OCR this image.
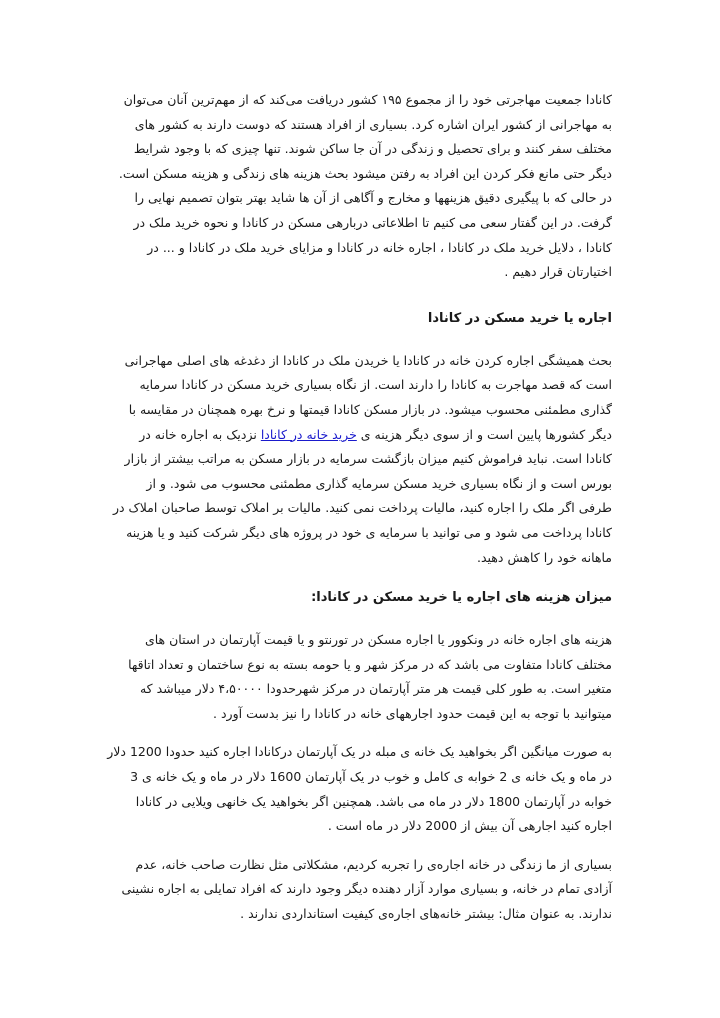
کانادا جمعیت مهاجرتی خود را از مجموع ۱۹۵ کشور دریافت می‌کند که از مهم‌ترین آنان می‌توان
به مهاجرانی از کشور ایران اشاره کرد. بسیاری از افراد هستند که دوست دارند به کشور های
مختلف سفر کنند و برای تحصیل و زندگی در آن جا ساکن شوند. تنها چیزی که با وجود شرایط
دیگر حتی مانع فکر کردن این افراد به رفتن میشود بحث هزینه های زندگی و هزینه مسکن است.
در حالی که با پیگیری دقیق هزینهها و مخارج و آگاهی از آن ها شاید بهتر بتوان تصمیم نهایی را
گرفت. در این گفتار سعی می کنیم تا اطلاعاتی دربارهی مسکن در کانادا و نحوه خرید ملک در
کانادا ، دلایل خرید ملک در کانادا ، اجاره خانه در کانادا و مزایای خرید ملک در کانادا و ... در
اختیارتان قرار دهیم .

اجاره یا خرید مسکن در کانادا

بحث همیشگی اجاره کردن خانه در کانادا یا خریدن ملک در کانادا از دغدغه های اصلی مهاجرانی
است که قصد مهاجرت به کانادا را دارند است. از نگاه بسیاری خرید مسکن در کانادا سرمایه
گذاری مطمئنی محسوب میشود. در بازار مسکن کانادا قیمتها و نرخ بهره همچنان در مقایسه با
دیگر کشورها پایین است و از سوی دیگر هزینه ی خرید خانه در کانادا نزدیک به اجاره خانه در
کانادا است. نباید فراموش کنیم میزان بازگشت سرمایه در بازار مسکن به مراتب بیشتر از بازار
بورس است و از نگاه بسیاری خرید مسکن سرمایه گذاری مطمئنی محسوب می شود. و از
طرفی اگر ملک را اجاره کنید، مالیات پرداخت نمی کنید. مالیات بر املاک توسط صاحبان املاک در
کانادا پرداخت می شود و می توانید با سرمایه ی خود در پروژه های دیگر شرکت کنید و یا هزینه
ماهانه خود را کاهش دهید.

میزان هزینه های اجاره یا خرید مسکن در کانادا:

هزینه های اجاره خانه در ونکوور یا اجاره مسکن در تورنتو و یا قیمت آپارتمان در استان های
مختلف کانادا متفاوت می باشد که در مرکز شهر و یا حومه بسته به نوع ساختمان و تعداد اتاقها
متغیر است. به طور کلی قیمت هر متر آپارتمان در مرکز شهرحدودا ۴،۵۰۰۰۰ دلار میباشد که
میتوانید با توجه به این قیمت حدود اجارههای خانه در کانادا را نیز بدست آورد .

به صورت میانگین اگر بخواهید یک خانه ی مبله در یک آپارتمان درکانادا اجاره کنید حدودا 1200 دلار
در ماه و یک خانه ی 2 خوابه ی کامل و خوب در یک آپارتمان 1600 دلار در ماه و یک خانه ی 3
خوابه در آپارتمان 1800 دلار در ماه می باشد. همچنین اگر بخواهید یک خانهی ویلایی در کانادا
اجاره کنید اجارهی آن بیش از 2000 دلار در ماه است .

بسیاری از ما زندگی در خانه اجاره‌ی را تجربه کردیم، مشکلاتی مثل نظارت صاحب خانه، عدم
آزادی تمام در خانه، و بسیاری موارد آزار دهنده دیگر وجود دارند که افراد تمایلی به اجاره نشینی
ندارند. به عنوان مثال: بیشتر خانه‌های اجاره‌ی کیفیت استانداردی ندارند .
